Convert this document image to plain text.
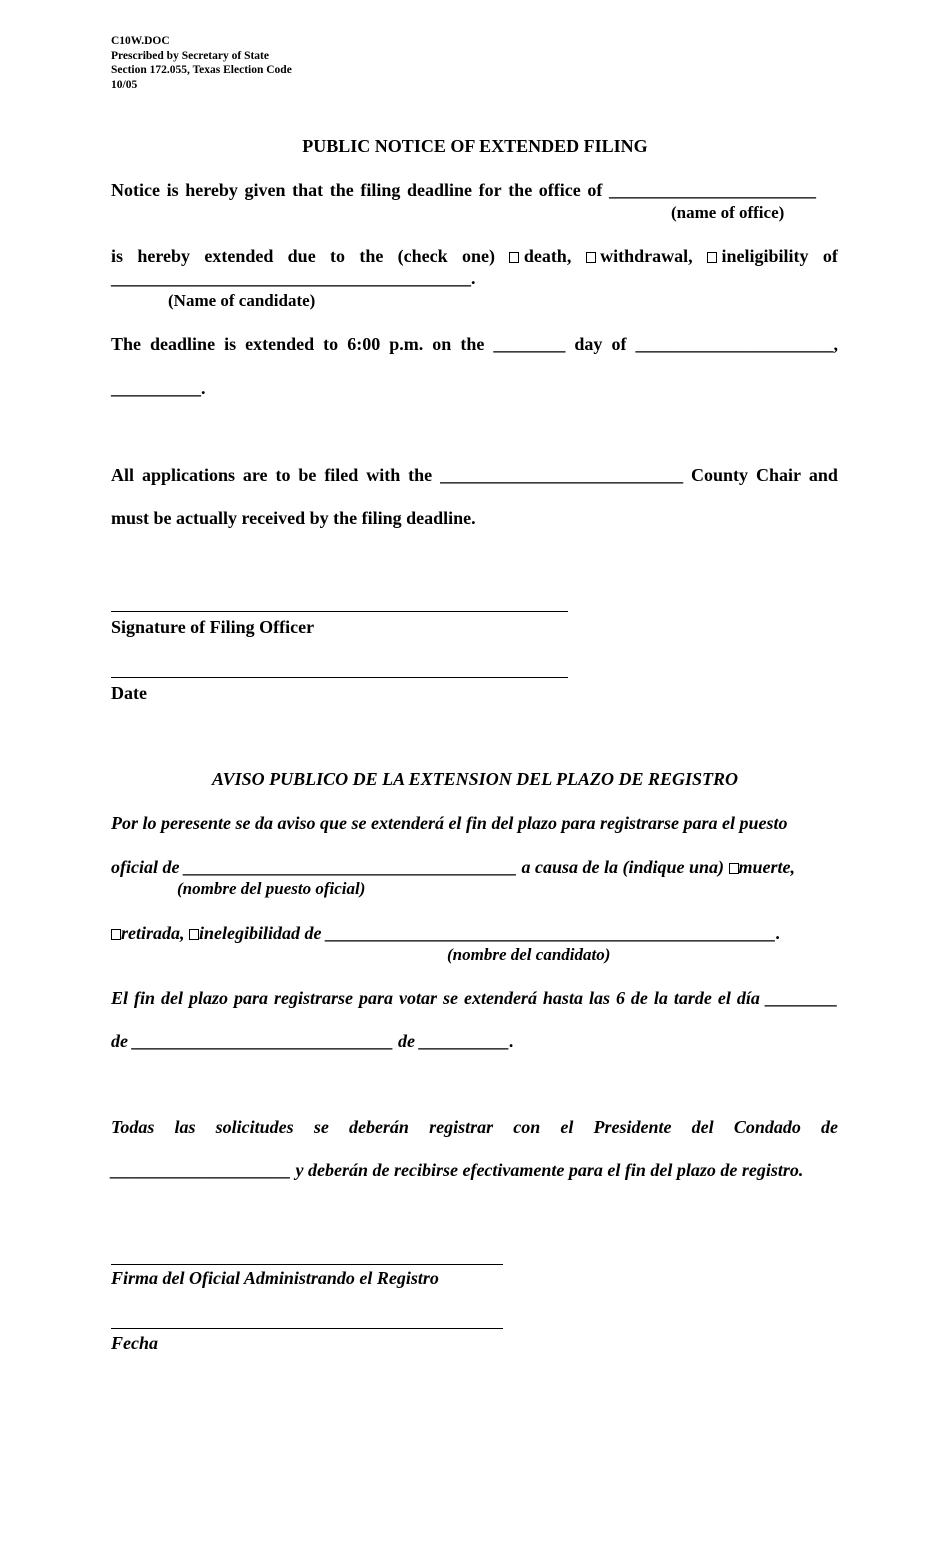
C10W.DOC
Prescribed by Secretary of State
Section 172.055, Texas Election Code
10/05
PUBLIC NOTICE OF EXTENDED FILING
Notice is hereby given that the filing deadline for the office of _______________________
(name of office)
is hereby extended due to the (check one)	death,	withdrawal,	ineligibility of
________________________________________.
(Name of candidate)
The deadline is extended to 6:00 p.m. on the ________ day of ______________________,
__________.
All applications are to be filed with the ___________________________ County Chair and
must be actually received by the filing deadline.
Signature of Filing Officer
Date
AVISO PUBLICO DE LA EXTENSION DEL PLAZO DE REGISTRO
Por lo peresente se da aviso que se extenderá el fin del plazo para registrarse para el puesto
oficial de _____________________________________ a causa de la (indique una) muerte,
(nombre del puesto oficial)
retirada, inelegibilidad de __________________________________________________.
(nombre del candidato)
El fin del plazo para registrarse para votar se extenderá hasta las 6 de la tarde el día ________
de _____________________________ de __________.
Todas las solicitudes se deberán registrar con el Presidente del Condado de
____________________ y deberán de recibirse efectivamente para el fin del plazo de registro.
Firma del Oficial Administrando el Registro
Fecha
